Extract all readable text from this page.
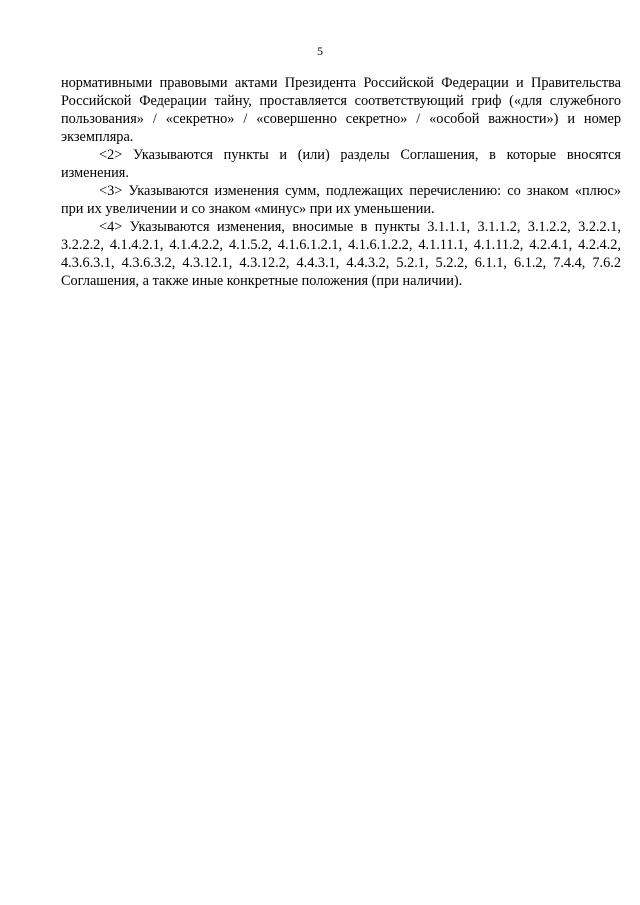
5

нормативными правовыми актами Президента Российской Федерации и Правительства Российской Федерации тайну, проставляется соответствующий гриф («для служебного пользования» / «секретно» / «совершенно секретно» / «особой важности») и номер экземпляра.

<2> Указываются пункты и (или) разделы Соглашения, в которые вносятся изменения.

<3> Указываются изменения сумм, подлежащих перечислению: со знаком «плюс» при их увеличении и со знаком «минус» при их уменьшении.

<4> Указываются изменения, вносимые в пункты 3.1.1.1, 3.1.1.2, 3.1.2.2, 3.2.2.1, 3.2.2.2, 4.1.4.2.1, 4.1.4.2.2, 4.1.5.2, 4.1.6.1.2.1, 4.1.6.1.2.2, 4.1.11.1, 4.1.11.2, 4.2.4.1, 4.2.4.2, 4.3.6.3.1, 4.3.6.3.2, 4.3.12.1, 4.3.12.2, 4.4.3.1, 4.4.3.2, 5.2.1, 5.2.2, 6.1.1, 6.1.2, 7.4.4, 7.6.2 Соглашения, а также иные конкретные положения (при наличии).
